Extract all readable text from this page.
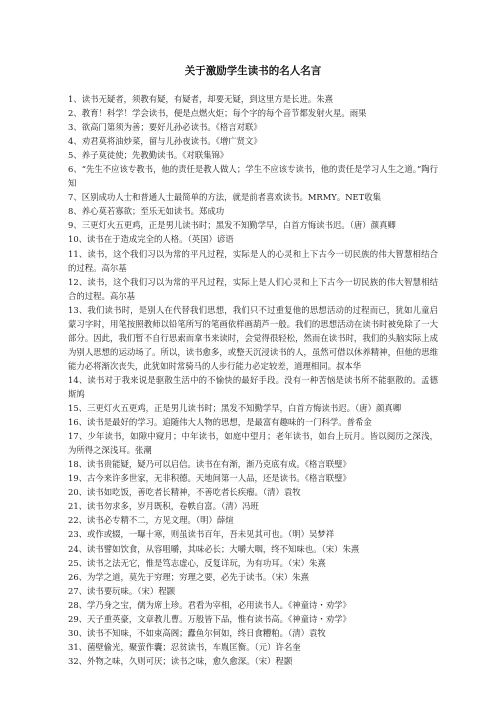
关于激励学生读书的名人名言

1、读书无疑者，须教有疑，有疑者，却要无疑，到这里方是长进。朱熹

2、教育！科学！学会读书，便是点燃火炬；每个字的每个音节都发射火星。雨果

3、欲高门第须为善；要好儿孙必读书。《格言对联》

4、劝君莫将油炒菜，留与儿孙夜读书。《增广贤文》

5、养子莫徒使；先教勤读书。《对联集锦》

6、“先生不应该专教书，他的责任是教人做人；学生不应该专读书，他的责任是学习人生之道。”陶行知

7、区别成功人士和普通人士最简单的方法，就是前者喜欢读书。MRMY。NET收集

8、养心莫若寡欲；至乐无如读书。郑成功

9、三更灯火五更鸡，正是男儿读书时；黑发不知勤学早，白首方悔读书迟。（唐）颜真卿

10、读书在于造成完全的人格。（英国）谚语

11、读书，这个我们习以为常的平凡过程，实际是人的心灵和上下古今一切民族的伟大智慧相结合的过程。高尔基

12、读书，这个我们习以为常的平凡过程，实际上是人们心灵和上下古今一切民族的伟大智慧相结合的过程。高尔基

13、我们读书时，是别人在代替我们思想，我们只不过重复他的思想活动的过程而已，犹如儿童启蒙习字时，用笔按照教师以铅笔所写的笔画依样画葫芦一般。我们的思想活动在读书时被免除了一大部分。因此，我们暂不自行思索而拿书来读时，会觉得很轻松，然而在读书时，我们的头脑实际上成为别人思想的运动场了。所以，读书愈多，或整天沉浸读书的人，虽然可借以休养精神，但他的思维能力必将渐次丧失，此犹如时常骑马的人步行能力必定较差，道理相同。叔本华

14、读书对于我来说是驱散生活中的不愉快的最好手段。没有一种苦恼是读书所不能驱散的。孟德斯鸠

15、三更灯火五更鸡，正是男儿读书时；黑发不知勤学早，白首方悔读书迟。（唐）颜真卿

16、读书是最好的学习。追随伟大人物的思想，是最富有趣味的一门科学。普希金

17、少年读书，如隙中窥月；中年读书，如庭中望月；老年读书，如台上玩月。皆以阅历之深浅，为所得之深浅耳。张潮

18、读书贵能疑，疑乃可以启信。读书在有渐，渐乃克底有成。《格言联璧》

19、古今来许多世家，无非积德。天地间第一人品，还是读书。《格言联璧》

20、读书如吃饭，善吃者长精神，不善吃者长疾瘤。（清）袁牧

21、读书勿求多，岁月既积，卷帙自富。（清）冯班

22、读书必专精不二，方见文理。（明）薛煊

23、或作或辍，一曝十寒，则虽读书百年，吾未见其可也。（明）吴梦祥

24、读书譬如饮食，从容咀嚼，其味必长；大嚼大咽，终不知味也。（宋）朱熹

25、读书之法无它，惟是笃志虚心，反复详玩，为有功耳。（宋）朱熹

26、为学之道，莫先于穷理；穷理之要，必先于读书。（宋）朱熹

27、读书要玩味。（宋）程颢

28、学乃身之宝，儒为席上珍。君看为宰相，必用读书人。《神童诗・劝学》

29、天子重英豪，文章教儿曹。万般皆下品，惟有读书高。《神童诗・劝学》

30、读书不知味，不如束高阁；蠹鱼尔何如，终日食糟粕。（清）袁牧

31、菌壁偷光，聚萤作囊；忍贫读书，车胤匡衡。（元）许名奎

32、外物之味，久则可厌；读书之味，愈久愈深。（宋）程颢
